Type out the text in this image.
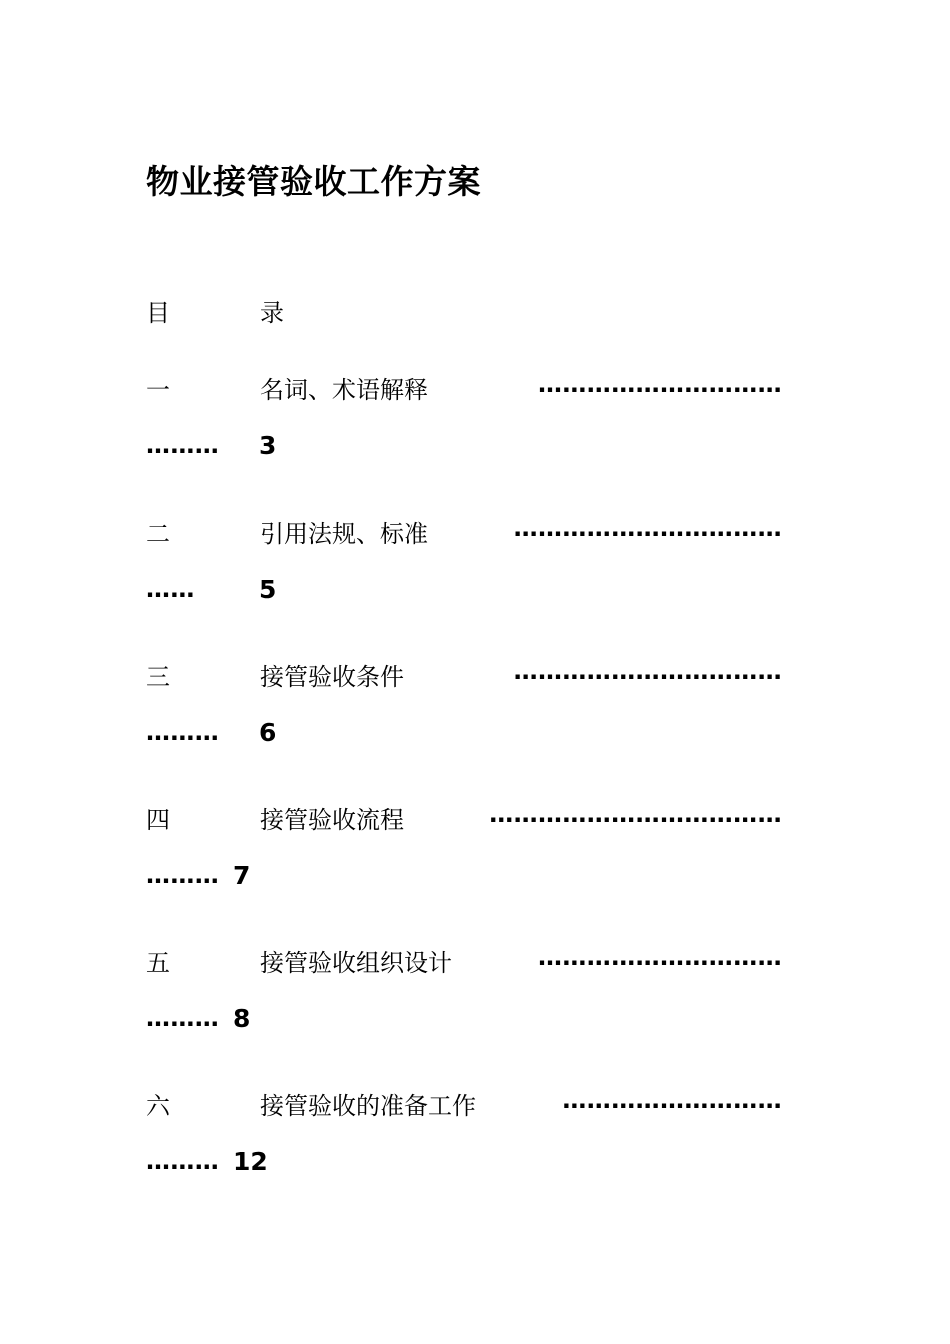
物业接管验收工作方案
目	录
一	名词、术语解释	…………………………
……… 3
二	引用法规、标准	……………………………
……	5
三	接管验收条件	……………………………
……… 6
四	接管验收流程	………………………………
……… 7
五	接管验收组织设计	…………………………
……… 8
六	接管验收的准备工作	………………………
……… 12
